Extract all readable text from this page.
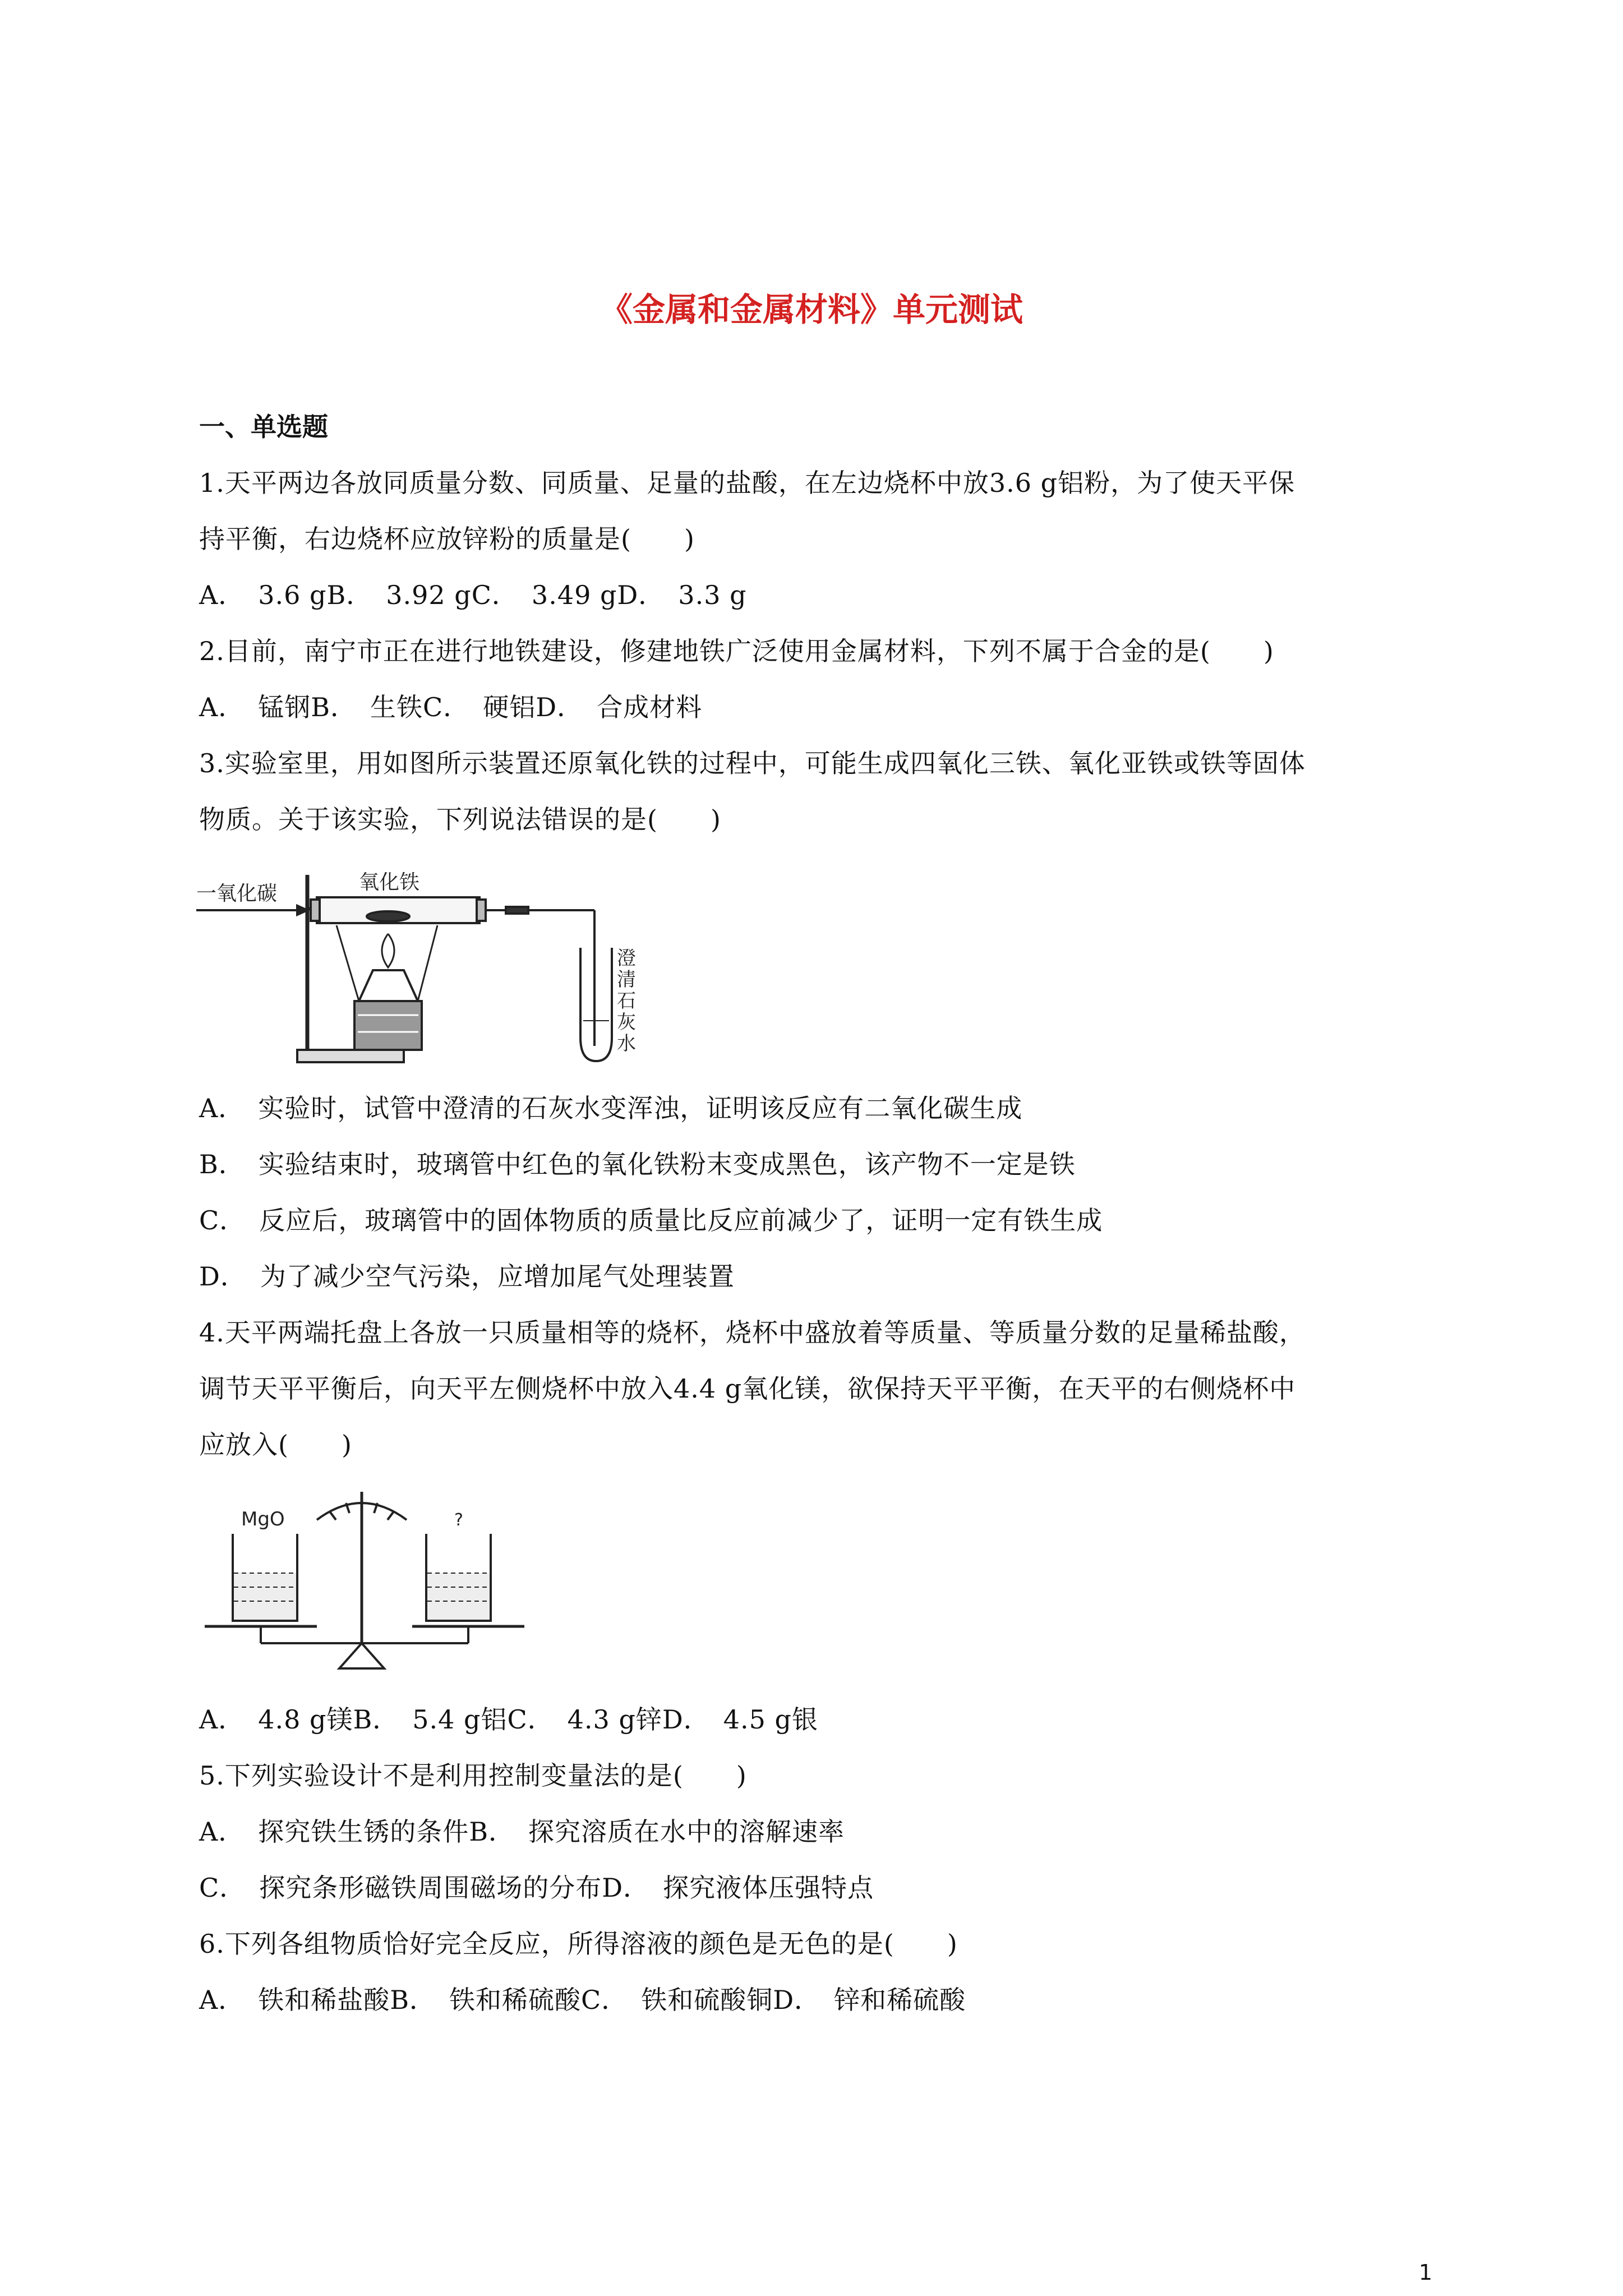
《金属和金属材料》单元测试
一、单选题
1.天平两边各放同质量分数、同质量、足量的盐酸，在左边烧杯中放3.6 g铝粉，为了使天平保
持平衡，右边烧杯应放锌粉的质量是(　　)
A．　3.6 gB．　3.92 gC．　3.49 gD．　3.3 g
2.目前，南宁市正在进行地铁建设，修建地铁广泛使用金属材料，下列不属于合金的是(　　)
A．　锰钢B．　生铁C．　硬铝D．　合成材料
3.实验室里，用如图所示装置还原氧化铁的过程中，可能生成四氧化三铁、氧化亚铁或铁等固体
物质。关于该实验，下列说法错误的是(　　)
一氧化碳	氧化铁
澄
清
石
灰
水
A．　实验时，试管中澄清的石灰水变浑浊，证明该反应有二氧化碳生成
B．　实验结束时，玻璃管中红色的氧化铁粉末变成黑色，该产物不一定是铁
C．　反应后，玻璃管中的固体物质的质量比反应前减少了，证明一定有铁生成
D．　为了减少空气污染，应增加尾气处理装置
4.天平两端托盘上各放一只质量相等的烧杯，烧杯中盛放着等质量、等质量分数的足量稀盐酸，
调节天平平衡后，向天平左侧烧杯中放入4.4 g氧化镁，欲保持天平平衡，在天平的右侧烧杯中
应放入(　　)
MgO	?
A．　4.8 g镁B．　5.4 g铝C．　4.3 g锌D．　4.5 g银
5.下列实验设计不是利用控制变量法的是(　　)
A．　探究铁生锈的条件B．　探究溶质在水中的溶解速率
C．　探究条形磁铁周围磁场的分布D．　探究液体压强特点
6.下列各组物质恰好完全反应，所得溶液的颜色是无色的是(　　)
A．　铁和稀盐酸B．　铁和稀硫酸C．　铁和硫酸铜D．　锌和稀硫酸
1
